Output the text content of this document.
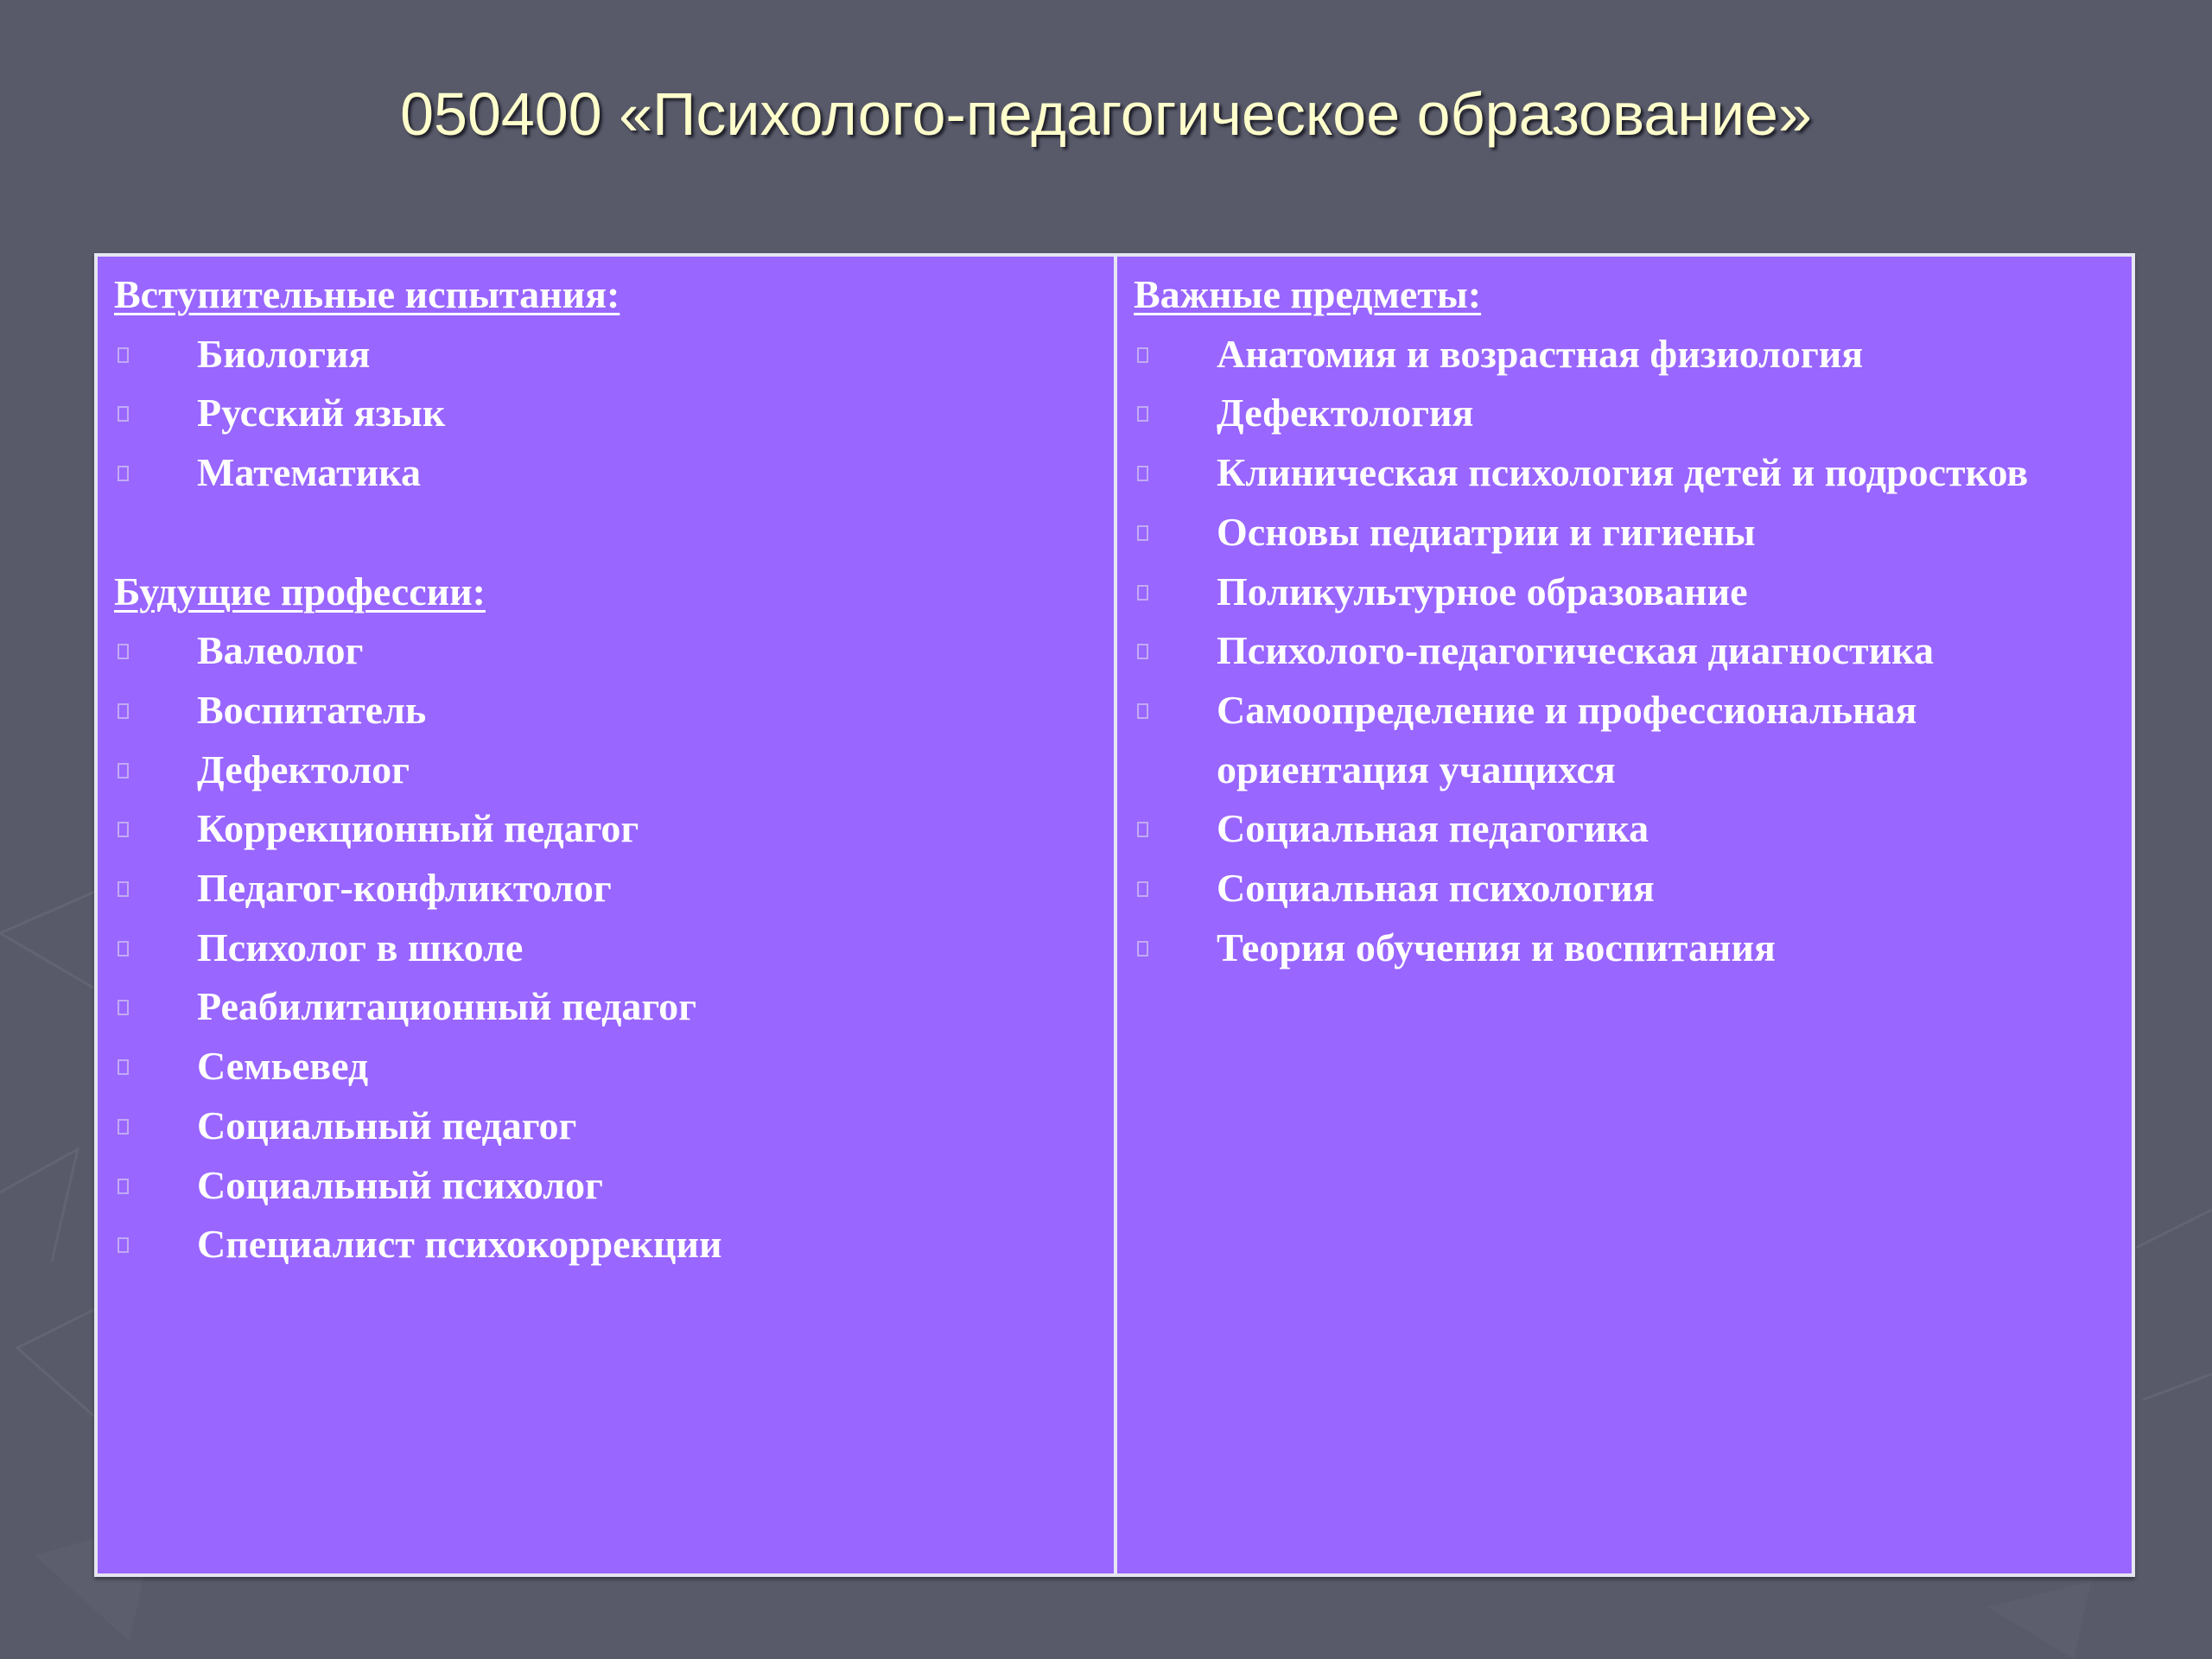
050400 «Психолого-педагогическое образование»
Вступительные испытания:
Биология
Русский язык
Математика
Будущие профессии:
Валеолог
Воспитатель
Дефектолог
Коррекционный педагог
Педагог-конфликтолог
Психолог в школе
Реабилитационный педагог
Семьевед
Социальный педагог
Социальный психолог
Специалист психокоррекции
Важные предметы:
Анатомия и возрастная физиология
Дефектология
Клиническая психология детей и подростков
Основы педиатрии и гигиены
Поликультурное образование
Психолого-педагогическая диагностика
Самоопределение и профессиональная
ориентация учащихся
Социальная педагогика
Социальная психология
Теория обучения и воспитания
